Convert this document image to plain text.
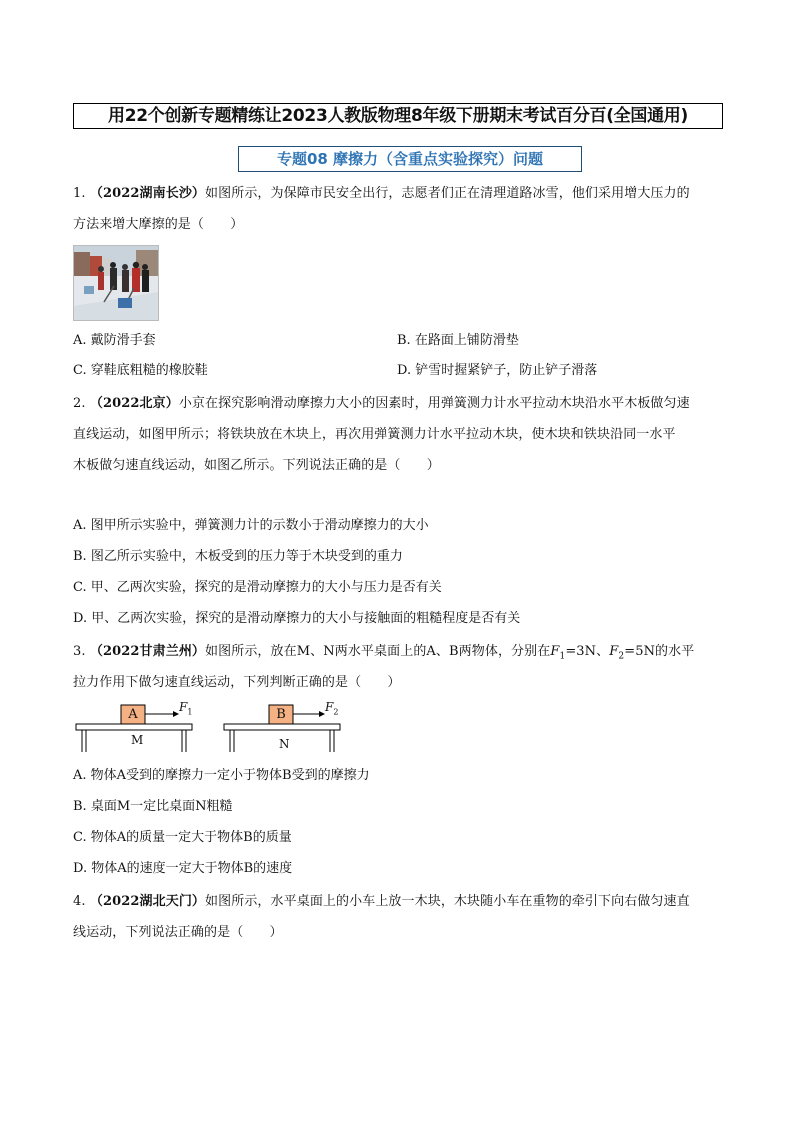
用22个创新专题精练让2023人教版物理8年级下册期末考试百分百(全国通用)
专题08 摩擦力（含重点实验探究）问题
1. （2022湖南长沙）如图所示，为保障市民安全出行，志愿者们正在清理道路冰雪，他们采用增大压力的
方法来增大摩擦的是（　　）
A. 戴防滑手套	B. 在路面上铺防滑垫
C. 穿鞋底粗糙的橡胶鞋	D. 铲雪时握紧铲子，防止铲子滑落
2. （2022北京）小京在探究影响滑动摩擦力大小的因素时，用弹簧测力计水平拉动木块沿水平木板做匀速
直线运动，如图甲所示；将铁块放在木块上，再次用弹簧测力计水平拉动木块，使木块和铁块沿同一水平
木板做匀速直线运动，如图乙所示。下列说法正确的是（　　）
A. 图甲所示实验中，弹簧测力计的示数小于滑动摩擦力的大小
B. 图乙所示实验中，木板受到的压力等于木块受到的重力
C. 甲、乙两次实验，探究的是滑动摩擦力的大小与压力是否有关
D. 甲、乙两次实验，探究的是滑动摩擦力的大小与接触面的粗糙程度是否有关
3. （2022甘肃兰州）如图所示，放在M、N两水平桌面上的A、B两物体，分别在$F_1=3N$、$F_2=5N$的水平
拉力作用下做匀速直线运动，下列判断正确的是（　　）
A	B
M	N
$F_1$	$F_2$
A. 物体A受到的摩擦力一定小于物体B受到的摩擦力
B. 桌面M一定比桌面N粗糙
C. 物体A的质量一定大于物体B的质量
D. 物体A的速度一定大于物体B的速度
4. （2022湖北天门）如图所示，水平桌面上的小车上放一木块，木块随小车在重物的牵引下向右做匀速直
线运动，下列说法正确的是（　　）
